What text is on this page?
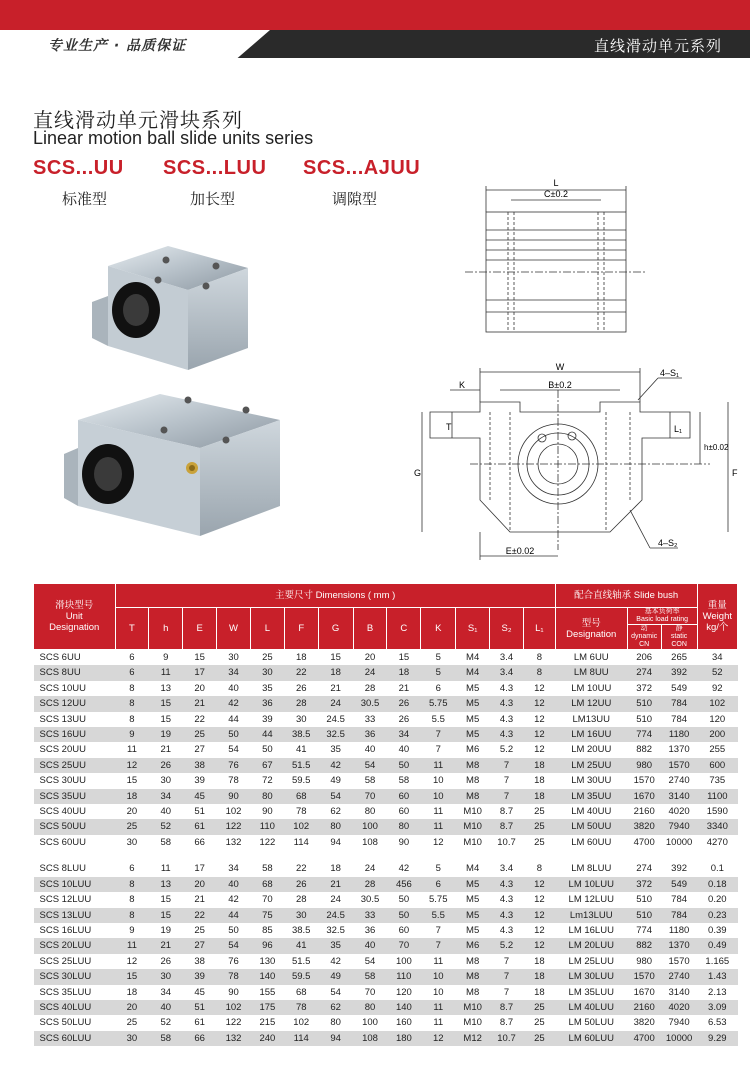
专业生产 · 品质保证	直线滑动单元系列
直线滑动单元滑块系列
Linear motion ball slide units series
SCS...UU SCS...LUU SCS...AJUU
标准型	加长型	调隙型
L
C±0.2
W
B±0.2
K
4–S₁
T	L₁
h±0.02
G	F
E±0.02
4–S₂
滑块型号
Unit
Designation	主要尺寸 Dimensions ( mm )													配合直线轴承 Slide bush			重量
Weight
kg/个
	T	h	E	W	L	F	G	B	C	K	S₁	S₂	L₁	型号
Designation	基本负荷率
Basic load rating		
															动
dynamic
CN	静
static
CON	
SCS 6UU	6	9	15	30	25	18	15	20	15	5	M4	3.4	8	LM 6UU	206	265	34
SCS 8UU	6	11	17	34	30	22	18	24	18	5	M4	3.4	8	LM 8UU	274	392	52
SCS 10UU	8	13	20	40	35	26	21	28	21	6	M5	4.3	12	LM 10UU	372	549	92
SCS 12UU	8	15	21	42	36	28	24	30.5	26	5.75	M5	4.3	12	LM 12UU	510	784	102
SCS 13UU	8	15	22	44	39	30	24.5	33	26	5.5	M5	4.3	12	LM13UU	510	784	120
SCS 16UU	9	19	25	50	44	38.5	32.5	36	34	7	M5	4.3	12	LM 16UU	774	1180	200
SCS 20UU	11	21	27	54	50	41	35	40	40	7	M6	5.2	12	LM 20UU	882	1370	255
SCS 25UU	12	26	38	76	67	51.5	42	54	50	11	M8	7	18	LM 25UU	980	1570	600
SCS 30UU	15	30	39	78	72	59.5	49	58	58	10	M8	7	18	LM 30UU	1570	2740	735
SCS 35UU	18	34	45	90	80	68	54	70	60	10	M8	7	18	LM 35UU	1670	3140	1100
SCS 40UU	20	40	51	102	90	78	62	80	60	11	M10	8.7	25	LM 40UU	2160	4020	1590
SCS 50UU	25	52	61	122	110	102	80	100	80	11	M10	8.7	25	LM 50UU	3820	7940	3340
SCS 60UU	30	58	66	132	122	114	94	108	90	12	M10	10.7	25	LM 60UU	4700	10000	4270

SCS 8LUU	6	11	17	34	58	22	18	24	42	5	M4	3.4	8	LM 8LUU	274	392	0.1
SCS 10LUU	8	13	20	40	68	26	21	28	456	6	M5	4.3	12	LM 10LUU	372	549	0.18
SCS 12LUU	8	15	21	42	70	28	24	30.5	50	5.75	M5	4.3	12	LM 12LUU	510	784	0.20
SCS 13LUU	8	15	22	44	75	30	24.5	33	50	5.5	M5	4.3	12	Lm13LUU	510	784	0.23
SCS 16LUU	9	19	25	50	85	38.5	32.5	36	60	7	M5	4.3	12	LM 16LUU	774	1180	0.39
SCS 20LUU	11	21	27	54	96	41	35	40	70	7	M6	5.2	12	LM 20LUU	882	1370	0.49
SCS 25LUU	12	26	38	76	130	51.5	42	54	100	11	M8	7	18	LM 25LUU	980	1570	1.165
SCS 30LUU	15	30	39	78	140	59.5	49	58	110	10	M8	7	18	LM 30LUU	1570	2740	1.43
SCS 35LUU	18	34	45	90	155	68	54	70	120	10	M8	7	18	LM 35LUU	1670	3140	2.13
SCS 40LUU	20	40	51	102	175	78	62	80	140	11	M10	8.7	25	LM 40LUU	2160	4020	3.09
SCS 50LUU	25	52	61	122	215	102	80	100	160	11	M10	8.7	25	LM 50LUU	3820	7940	6.53
SCS 60LUU	30	58	66	132	240	114	94	108	180	12	M12	10.7	25	LM 60LUU	4700	10000	9.29
